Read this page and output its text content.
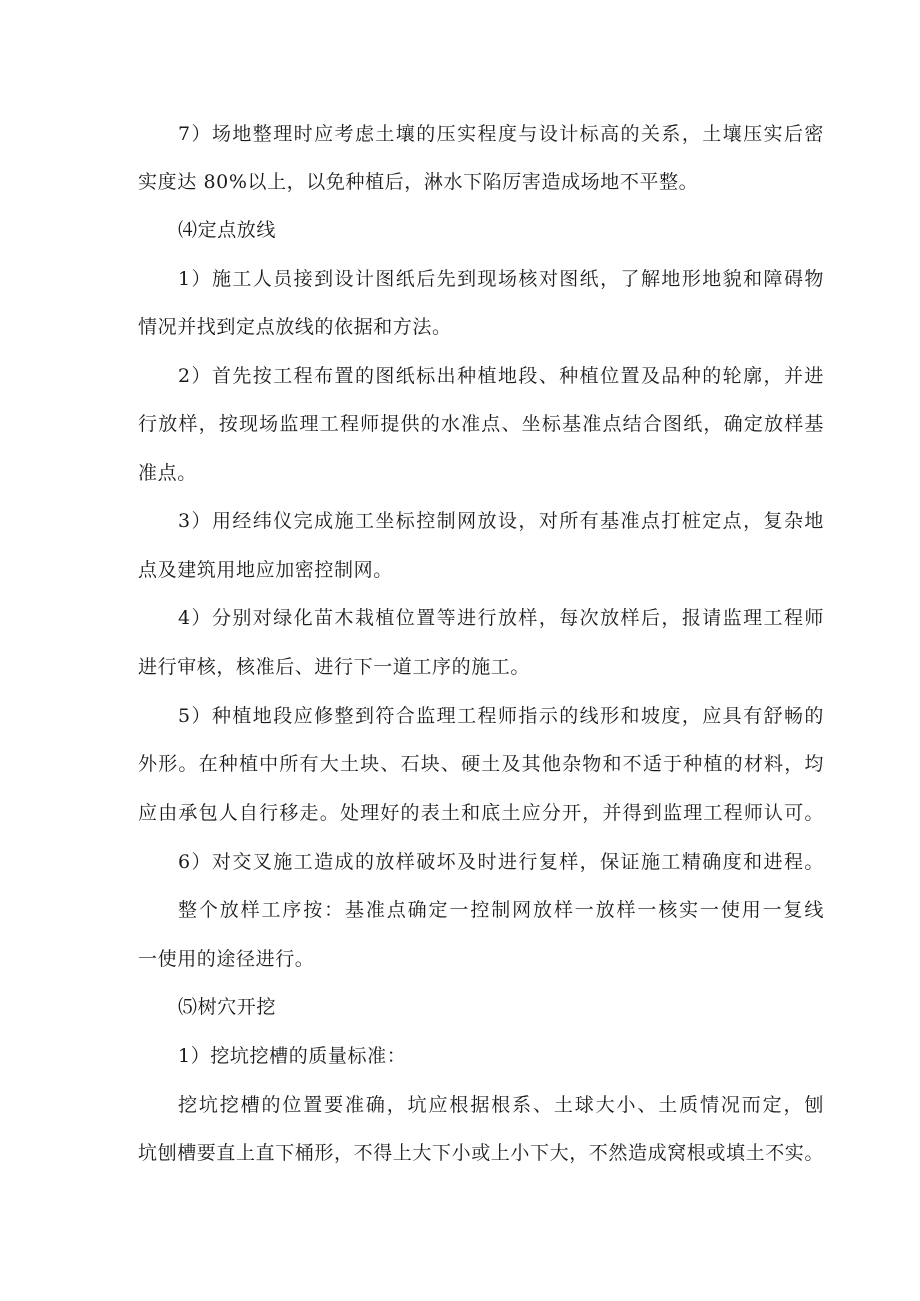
7）场地整理时应考虑土壤的压实程度与设计标高的关系，土壤压实后密
实度达 80%以上，以免种植后，淋水下陷厉害造成场地不平整。
⑷定点放线
1）施工人员接到设计图纸后先到现场核对图纸，了解地形地貌和障碍物
情况并找到定点放线的依据和方法。
2）首先按工程布置的图纸标出种植地段、种植位置及品种的轮廓，并进
行放样，按现场监理工程师提供的水准点、坐标基准点结合图纸，确定放样基
准点。
3）用经纬仪完成施工坐标控制网放设，对所有基准点打桩定点，复杂地
点及建筑用地应加密控制网。
4）分别对绿化苗木栽植位置等进行放样，每次放样后，报请监理工程师
进行审核，核准后、进行下一道工序的施工。
5）种植地段应修整到符合监理工程师指示的线形和坡度，应具有舒畅的
外形。在种植中所有大土块、石块、硬土及其他杂物和不适于种植的材料，均
应由承包人自行移走。处理好的表土和底土应分开，并得到监理工程师认可。
6）对交叉施工造成的放样破坏及时进行复样，保证施工精确度和进程。
整个放样工序按：基准点确定一控制网放样一放样一核实一使用一复线
一使用的途径进行。
⑸树穴开挖
1）挖坑挖槽的质量标准：
挖坑挖槽的位置要准确，坑应根据根系、土球大小、土质情况而定，刨
坑刨槽要直上直下桶形，不得上大下小或上小下大，不然造成窝根或填土不实。
